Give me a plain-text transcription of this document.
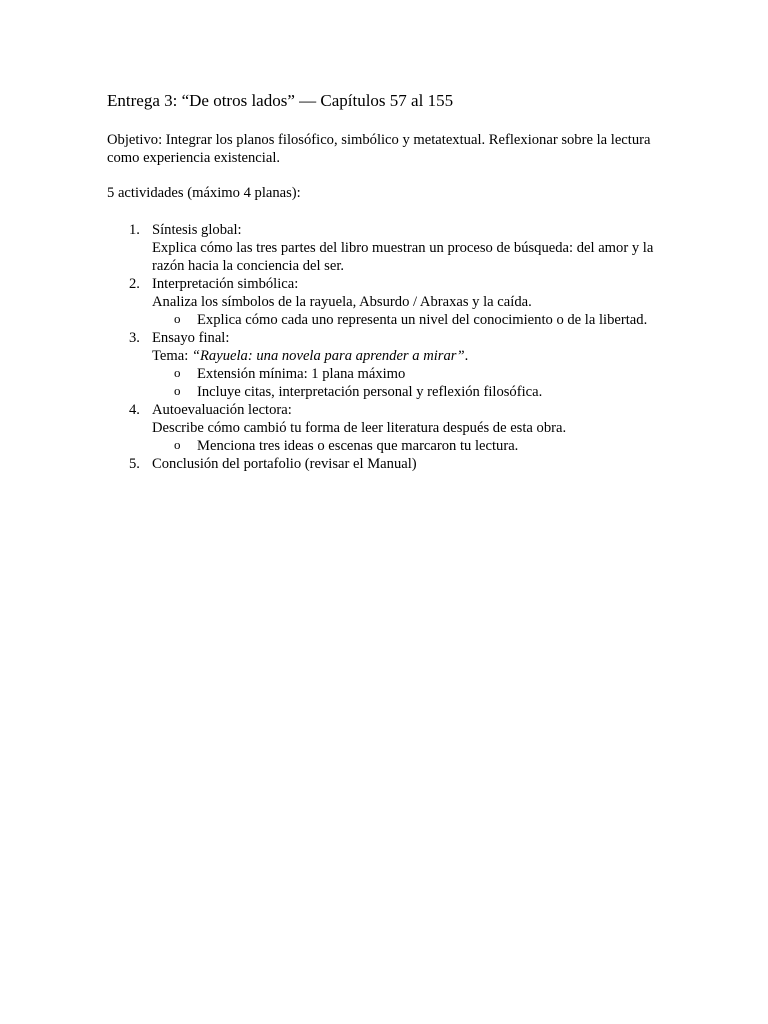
Entrega 3: “De otros lados” — Capítulos 57 al 155
Objetivo: Integrar los planos filosófico, simbólico y metatextual. Reflexionar sobre la lectura como experiencia existencial.
5 actividades (máximo 4 planas):
1. Síntesis global:
Explica cómo las tres partes del libro muestran un proceso de búsqueda: del amor y la razón hacia la conciencia del ser.
2. Interpretación simbólica:
Analiza los símbolos de la rayuela, Absurdo / Abraxas y la caída.
o Explica cómo cada uno representa un nivel del conocimiento o de la libertad.
3. Ensayo final:
Tema: “Rayuela: una novela para aprender a mirar”.
o Extensión mínima: 1 plana máximo
o Incluye citas, interpretación personal y reflexión filosófica.
4. Autoevaluación lectora:
Describe cómo cambió tu forma de leer literatura después de esta obra.
o Menciona tres ideas o escenas que marcaron tu lectura.
5. Conclusión del portafolio (revisar el Manual)
